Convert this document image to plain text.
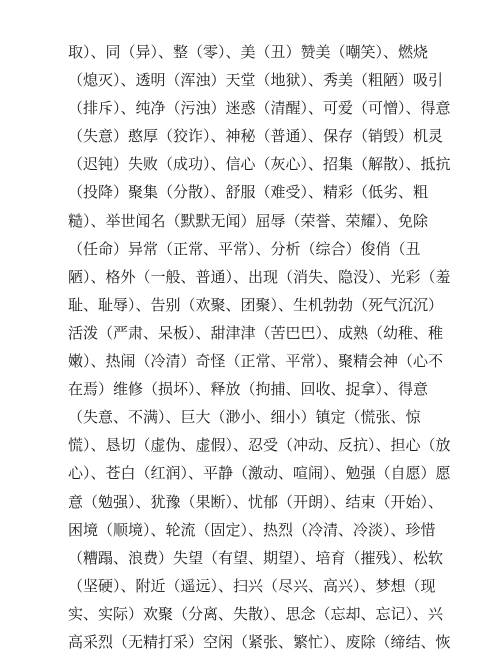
取）、同（异）、整（零）、美（丑）赞美（嘲笑）、燃烧
（熄灭）、透明（浑浊）天堂（地狱）、秀美（粗陋）吸引
（排斥）、纯净（污浊）迷惑（清醒）、可爱（可憎）、得意
（失意）憨厚（狡诈）、神秘（普通）、保存（销毁）机灵
（迟钝）失败（成功）、信心（灰心）、招集（解散）、抵抗
（投降）聚集（分散）、舒服（难受）、精彩（低劣、粗
糙）、举世闻名（默默无闻）屈辱（荣誉、荣耀）、免除
（任命）异常（正常、平常）、分析（综合）俊俏（丑
陋）、格外（一般、普通）、出现（消失、隐没）、光彩（羞
耻、耻辱）、告别（欢聚、团聚）、生机勃勃（死气沉沉）
活泼（严肃、呆板）、甜津津（苦巴巴）、成熟（幼稚、稚
嫩）、热闹（冷清）奇怪（正常、平常）、聚精会神（心不
在焉）维修（损坏）、释放（拘捕、回收、捉拿）、得意
（失意、不满）、巨大（渺小、细小）镇定（慌张、惊
慌）、恳切（虚伪、虚假）、忍受（冲动、反抗）、担心（放
心）、苍白（红润）、平静（激动、喧闹）、勉强（自愿）愿
意（勉强）、犹豫（果断）、忧郁（开朗）、结束（开始）、
困境（顺境）、轮流（固定）、热烈（冷清、冷淡）、珍惜
（糟蹋、浪费）失望（有望、期望）、培育（摧残）、松软
（坚硬）、附近（遥远）、扫兴（尽兴、高兴）、梦想（现
实、实际）欢聚（分离、失散）、思念（忘却、忘记）、兴
高采烈（无精打采）空闲（紧张、繁忙）、废除（缔结、恢
